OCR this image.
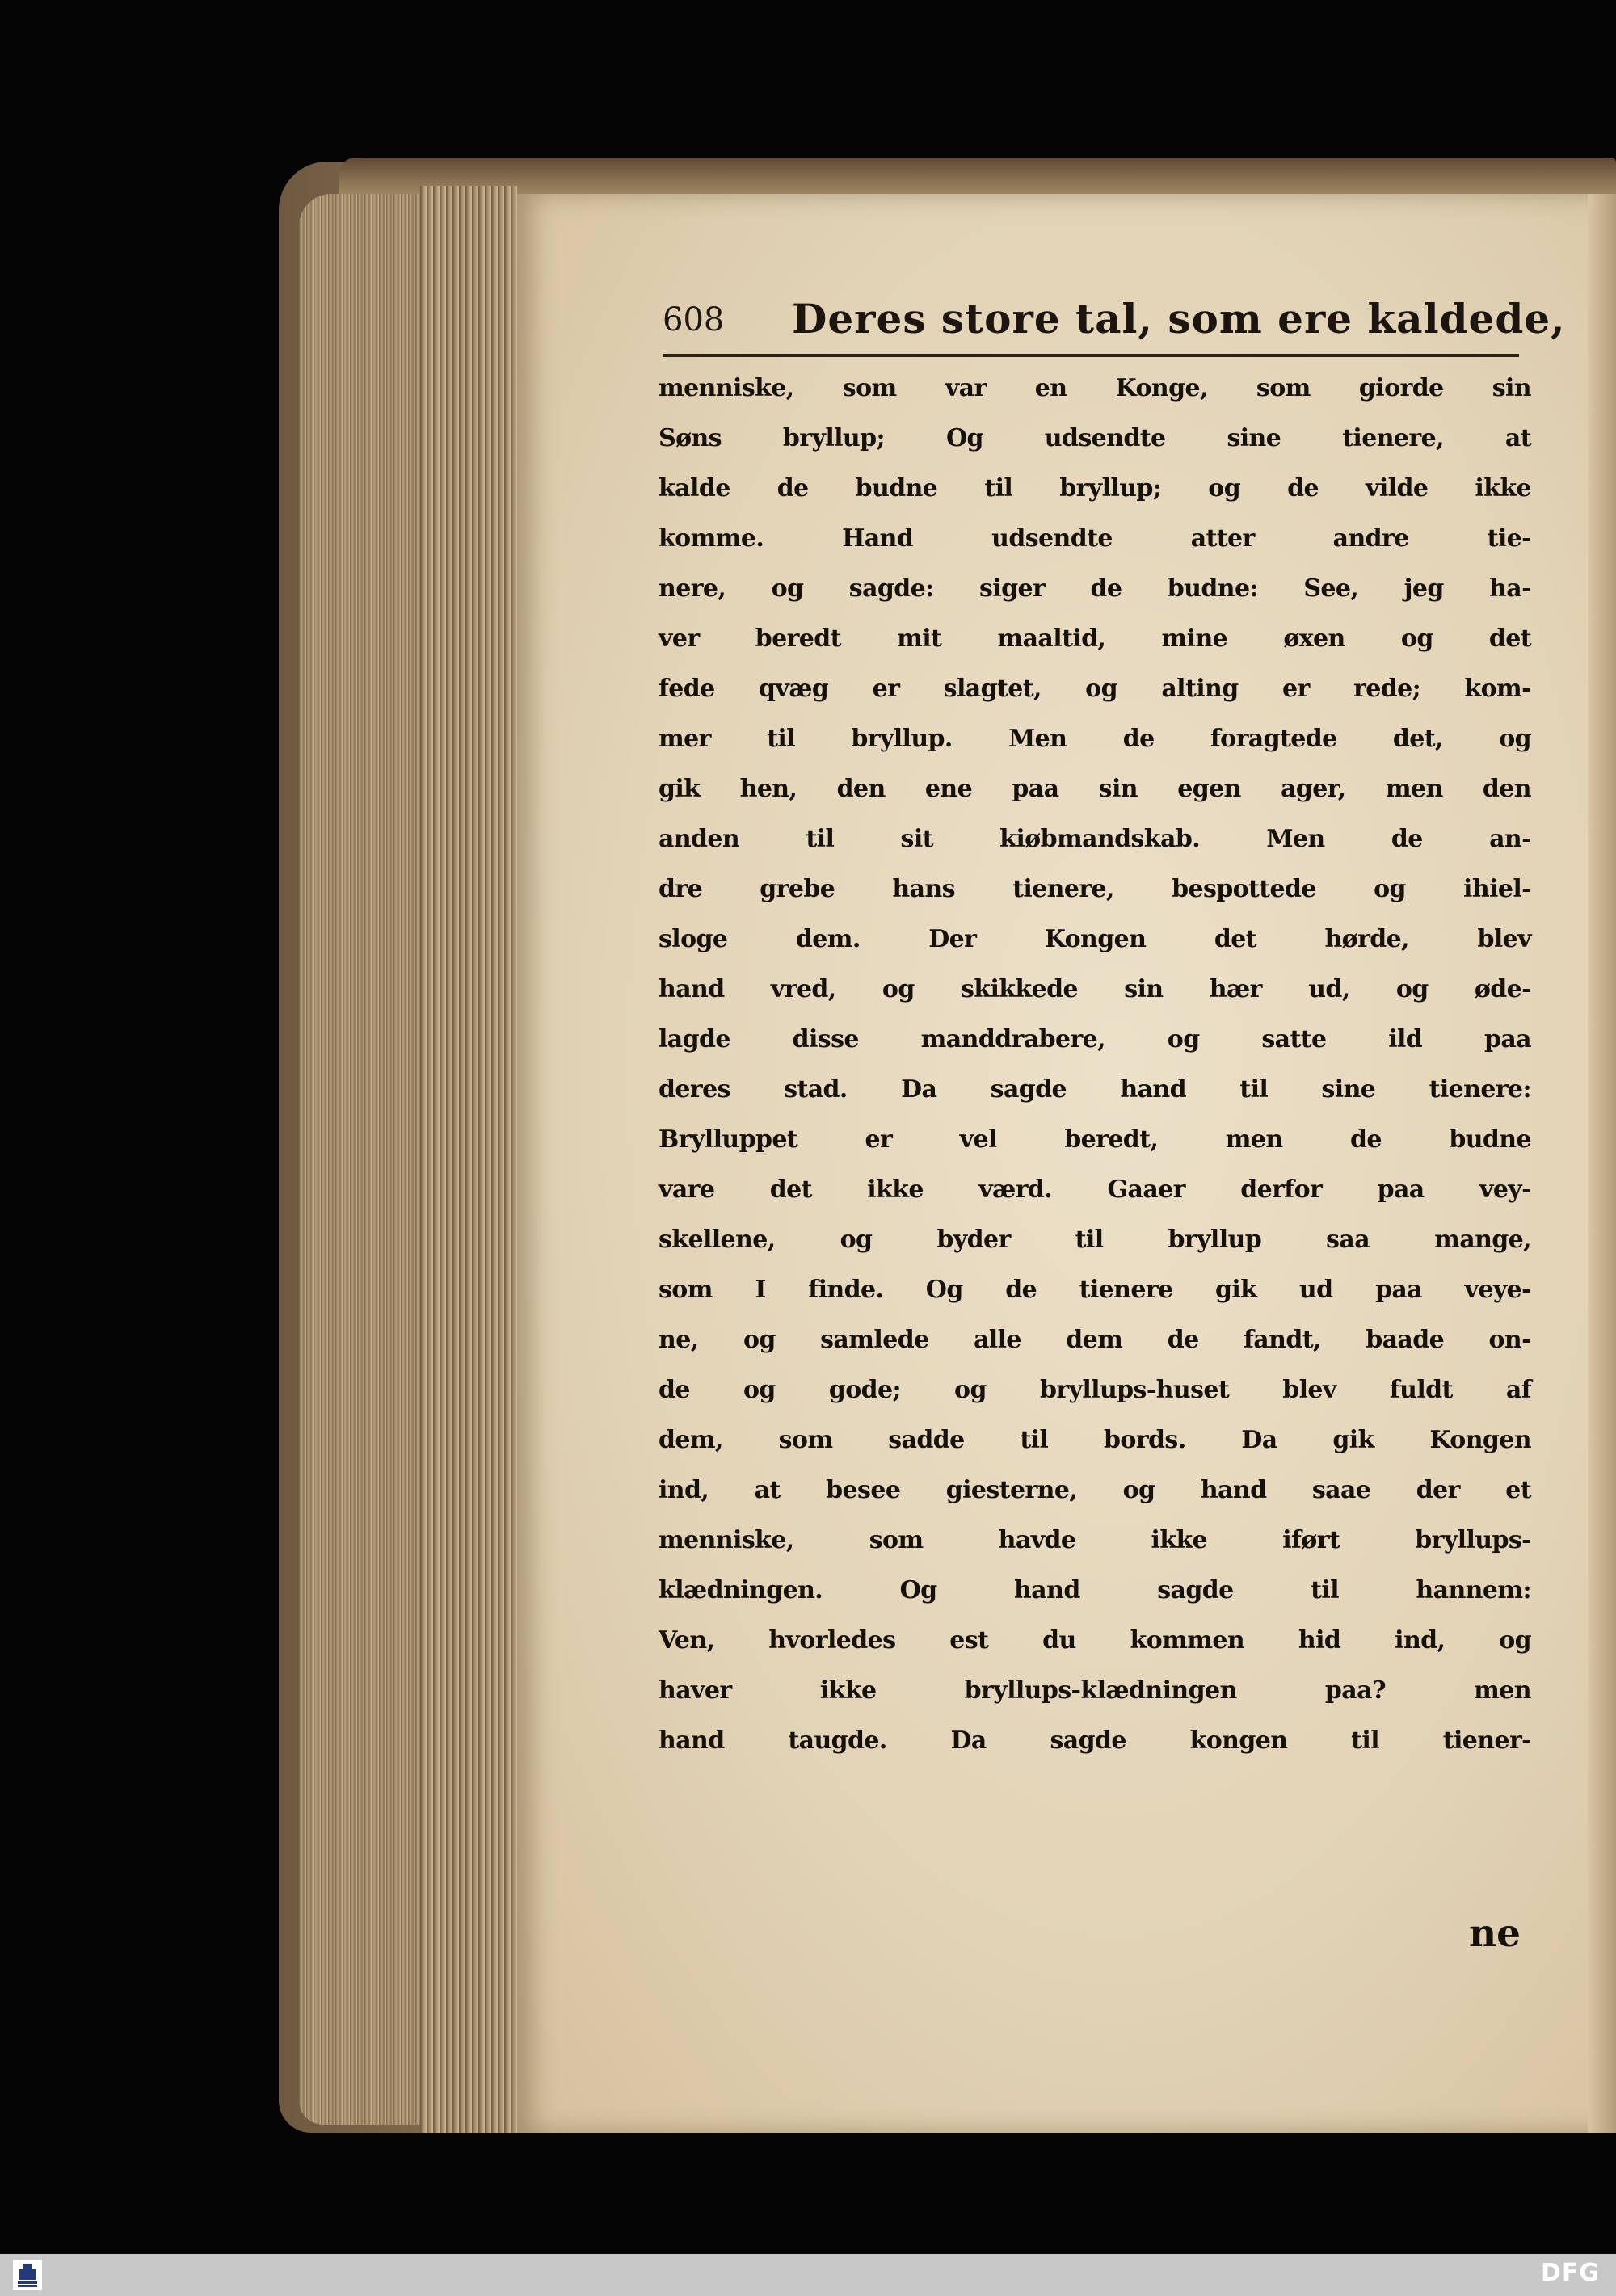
608 Deres store tal, som ere kaldede,
menniske, som var en Konge, som giorde sin
Søns bryllup; Og udsendte sine tienere, at
kalde de budne til bryllup; og de vilde ikke
komme. Hand udsendte atter andre tie-
nere, og sagde: siger de budne: See, jeg ha-
ver beredt mit maaltid, mine øxen og det
fede qvæg er slagtet, og alting er rede; kom-
mer til bryllup. Men de foragtede det, og
gik hen, den ene paa sin egen ager, men den
anden til sit kiøbmandskab. Men de an-
dre grebe hans tienere, bespottede og ihiel-
sloge dem. Der Kongen det hørde, blev
hand vred, og skikkede sin hær ud, og øde-
lagde disse manddrabere, og satte ild paa
deres stad. Da sagde hand til sine tienere:
Brylluppet er vel beredt, men de budne
vare det ikke værd. Gaaer derfor paa vey-
skellene, og byder til bryllup saa mange,
som I finde. Og de tienere gik ud paa veye-
ne, og samlede alle dem de fandt, baade on-
de og gode; og bryllups-huset blev fuldt af
dem, som sadde til bords. Da gik Kongen
ind, at besee giesterne, og hand saae der et
menniske, som havde ikke iført bryllups-
klædningen. Og hand sagde til hannem:
Ven, hvorledes est du kommen hid ind, og
haver ikke bryllups-klædningen paa? men
hand taugde. Da sagde kongen til tiener-
ne
DFG
